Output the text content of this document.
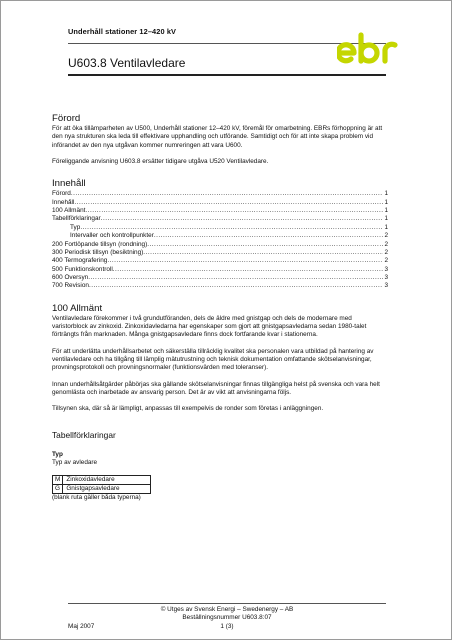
Underhåll stationer 12–420 kV
U603.8 Ventilavledare
Förord

För att öka tillämparheten av U500, Underhåll stationer 12–420 kV, föremål för omarbetning. EBRs förhoppning är att den nya strukturen ska leda till effektivare upphandling och utförande. Samtidigt och för att inte skapa problem vid införandet av den nya utgåvan kommer numreringen att vara U600.

Föreliggande anvisning U603.8 ersätter tidigare utgåva U520 Ventilavledare.

Innehåll
Förord .....	1
Innehåll .....	1
100 Allmänt .....	1
Tabellförklaringar .....	1
Typ .....	1
Intervaller och kontrollpunkter .....	2
200 Fortlöpande tillsyn (rondning) .....	2
300 Periodisk tillsyn (besiktning) .....	2
400 Termografering .....	2
500 Funktionskontroll .....	3
600 Översyn .....	3
700 Revision .....	3
100 Allmänt

Ventilavledare förekommer i två grundutföranden, dels de äldre med gnistgap och dels de modernare med varistorblock av zinkoxid. Zinkoxidavledarna har egenskaper som gjort att gnistgapsavledarna sedan 1980-talet förträngts från marknaden. Många gnistgapsavledare finns dock fortfarande kvar i stationerna.

För att underlätta underhållsarbetet och säkerställa tillräcklig kvalitet ska personalen vara utbildad på hantering av ventilavledare och ha tillgång till lämplig mätutrustning och teknisk dokumentation omfattande skötselanvisningar, provningsprotokoll och provningsnormaler (funktionsvärden med toleranser).

Innan underhållsåtgärder påbörjas ska gällande skötselanvisningar finnas tillgängliga helst på svenska och vara helt genomlästa och inarbetade av ansvarig person. Det är av vikt att anvisningarna följs.

Tillsynen ska, där så är lämpligt, anpassas till exempelvis de ronder som företas i anläggningen.

Tabellförklaringar

Typ

Typ av avledare

M	Zinkoxidavledare
G	Gnistgapsavledare

(blank ruta gäller båda typerna)

© Utges av Svensk Energi – Swedenergy – AB
Beställningsnummer U603.8:07
1 (3)
Maj 2007
